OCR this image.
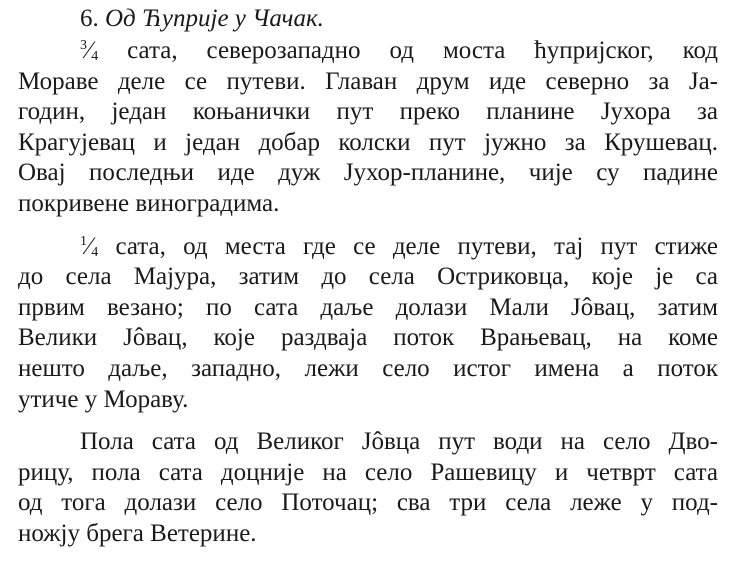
6. Од Ћуприје у Чачак.
$^3⁄_4$ сата, северозападно од моста ћупријског, код
Мораве деле се путеви. Главан друм иде северно за Ја-
годин, један коњанички пут преко планине Јухора за
Крагујевац и један добар колски пут јужно за Крушевац.
Овај последњи иде дуж Јухор-планине, чије су падине
покривене виноградима.
$^1⁄_4$ сата, од места где се деле путеви, тај пут стиже
до села Мајура, затим до села Остриковца, које је са
првим везано; по сата даље долази Мали Јôвац, затим
Велики Јôвац, које раздваја поток Врањевац, на коме
нешто даље, западно, лежи село истог имена а поток
утиче у Мораву.
Пола сата од Великог Јôвца пут води на село Дво-
рицу, пола сата доцније на село Рашевицу и четврт сата
од тога долази село Поточац; сва три села леже у под-
ножју брега Ветерине.
